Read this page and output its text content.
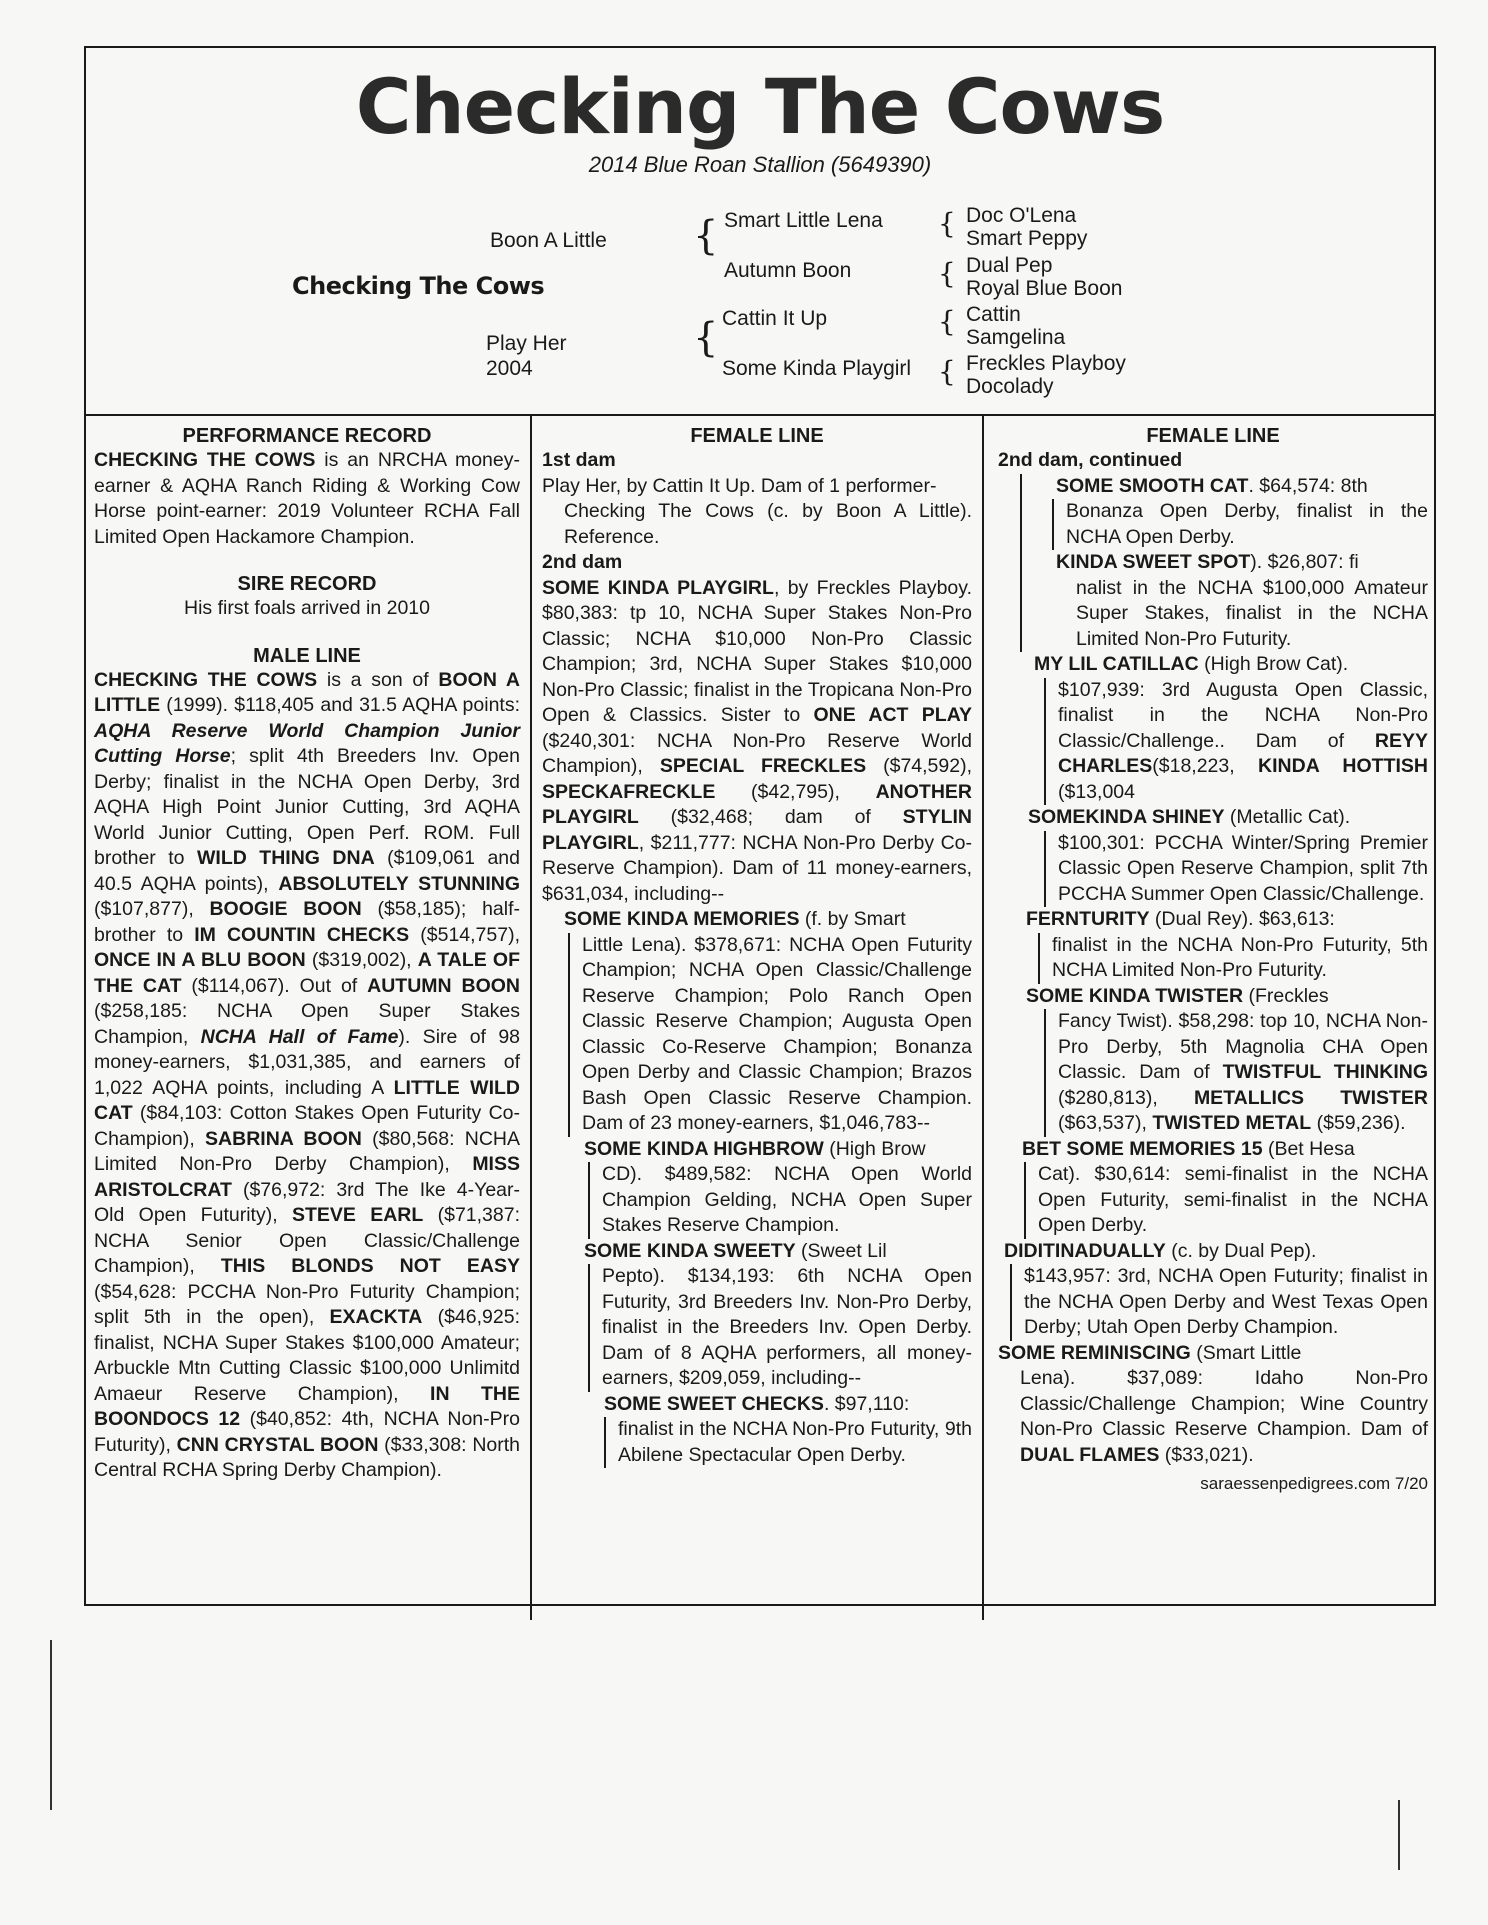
Checking The Cows
2014 Blue Roan Stallion (5649390)
Checking The Cows
Boon A Little
Play Her
2004
{
{
Smart Little Lena
Autumn Boon
Cattin It Up
Some Kinda Playgirl
{
{
{
{
Doc O'Lena
Smart Peppy
Dual Pep
Royal Blue Boon
Cattin
Samgelina
Freckles Playboy
Docolady
PERFORMANCE RECORD

CHECKING THE COWS is an NRCHA money-earner & AQHA Ranch Riding & Working Cow Horse point-earner: 2019 Volunteer RCHA Fall Limited Open Hackamore Champion.

SIRE RECORD

His first foals arrived in 2010

MALE LINE

CHECKING THE COWS is a son of BOON A LITTLE (1999). $118,405 and 31.5 AQHA points: AQHA Reserve World Champion Junior Cutting Horse; split 4th Breeders Inv. Open Derby; finalist in the NCHA Open Derby, 3rd AQHA High Point Junior Cutting, 3rd AQHA World Junior Cutting, Open Perf. ROM. Full brother to WILD THING DNA ($109,061 and 40.5 AQHA points), ABSOLUTELY STUNNING ($107,877), BOOGIE BOON ($58,185); half-brother to IM COUNTIN CHECKS ($514,757), ONCE IN A BLU BOON ($319,002), A TALE OF THE CAT ($114,067). Out of AUTUMN BOON ($258,185: NCHA Open Super Stakes Champion, NCHA Hall of Fame). Sire of 98 money-earners, $1,031,385, and earners of 1,022 AQHA points, including A LITTLE WILD CAT ($84,103: Cotton Stakes Open Futurity Co-Champion), SABRINA BOON ($80,568: NCHA Limited Non-Pro Derby Champion), MISS ARISTOLCRAT ($76,972: 3rd The Ike 4-Year-Old Open Futurity), STEVE EARL ($71,387: NCHA Senior Open Classic/Challenge Champion), THIS BLONDS NOT EASY ($54,628: PCCHA Non-Pro Futurity Champion; split 5th in the open), EXACKTA ($46,925: finalist, NCHA Super Stakes $100,000 Amateur; Arbuckle Mtn Cutting Classic $100,000 Unlimitd Amaeur Reserve Champion), IN THE BOONDOCS 12 ($40,852: 4th, NCHA Non-Pro Futurity), CNN CRYSTAL BOON ($33,308: North Central RCHA Spring Derby Champion).

FEMALE LINE
1st dam

Play Her, by Cattin It Up. Dam of 1 performer-

Checking The Cows (c. by Boon A Little). Reference.

2nd dam

SOME KINDA PLAYGIRL, by Freckles Playboy. $80,383: tp 10, NCHA Super Stakes Non-Pro Classic; NCHA $10,000 Non-Pro Classic Champion; 3rd, NCHA Super Stakes $10,000 Non-Pro Classic; finalist in the Tropicana Non-Pro Open & Classics. Sister to ONE ACT PLAY ($240,301: NCHA Non-Pro Reserve World Champion), SPECIAL FRECKLES ($74,592), SPECKAFRECKLE ($42,795), ANOTHER PLAYGIRL ($32,468; dam of STYLIN PLAYGIRL, $211,777: NCHA Non-Pro Derby Co-Reserve Champion). Dam of 11 money-earners, $631,034, including--

SOME KINDA MEMORIES (f. by Smart

Little Lena). $378,671: NCHA Open Futurity Champion; NCHA Open Classic/Challenge Reserve Champion; Polo Ranch Open Classic Reserve Champion; Augusta Open Classic Co-Reserve Champion; Bonanza Open Derby and Classic Champion; Brazos Bash Open Classic Reserve Champion. Dam of 23 money-earners, $1,046,783--

SOME KINDA HIGHBROW (High Brow

CD). $489,582: NCHA Open World Champion Gelding, NCHA Open Super Stakes Reserve Champion.

SOME KINDA SWEETY (Sweet Lil

Pepto). $134,193: 6th NCHA Open Futurity, 3rd Breeders Inv. Non-Pro Derby, finalist in the Breeders Inv. Open Derby. Dam of 8 AQHA performers, all money-earners, $209,059, including--

SOME SWEET CHECKS. $97,110:

finalist in the NCHA Non-Pro Futurity, 9th Abilene Spectacular Open Derby.

FEMALE LINE
2nd dam, continued

SOME SMOOTH CAT. $64,574: 8th

Bonanza Open Derby, finalist in the NCHA Open Derby.

KINDA SWEET SPOT). $26,807: fi

nalist in the NCHA $100,000 Amateur Super Stakes, finalist in the NCHA Limited Non-Pro Futurity.

MY LIL CATILLAC (High Brow Cat).

$107,939: 3rd Augusta Open Classic, finalist in the NCHA Non-Pro Classic/Challenge.. Dam of REYY CHARLES($18,223, KINDA HOTTISH ($13,004

SOMEKINDA SHINEY (Metallic Cat).

$100,301: PCCHA Winter/Spring Premier Classic Open Reserve Champion, split 7th PCCHA Summer Open Classic/Challenge.

FERNTURITY (Dual Rey). $63,613:

finalist in the NCHA Non-Pro Futurity, 5th NCHA Limited Non-Pro Futurity.

SOME KINDA TWISTER (Freckles

Fancy Twist). $58,298: top 10, NCHA Non-Pro Derby, 5th Magnolia CHA Open Classic. Dam of TWISTFUL THINKING ($280,813), METALLICS TWISTER ($63,537), TWISTED METAL ($59,236).

BET SOME MEMORIES 15 (Bet Hesa

Cat). $30,614: semi-finalist in the NCHA Open Futurity, semi-finalist in the NCHA Open Derby.

DIDITINADUALLY (c. by Dual Pep).

$143,957: 3rd, NCHA Open Futurity; finalist in the NCHA Open Derby and West Texas Open Derby; Utah Open Derby Champion.

SOME REMINISCING (Smart Little

Lena). $37,089: Idaho Non-Pro Classic/Challenge Champion; Wine Country Non-Pro Classic Reserve Champion. Dam of DUAL FLAMES ($33,021).

saraessenpedigrees.com 7/20
